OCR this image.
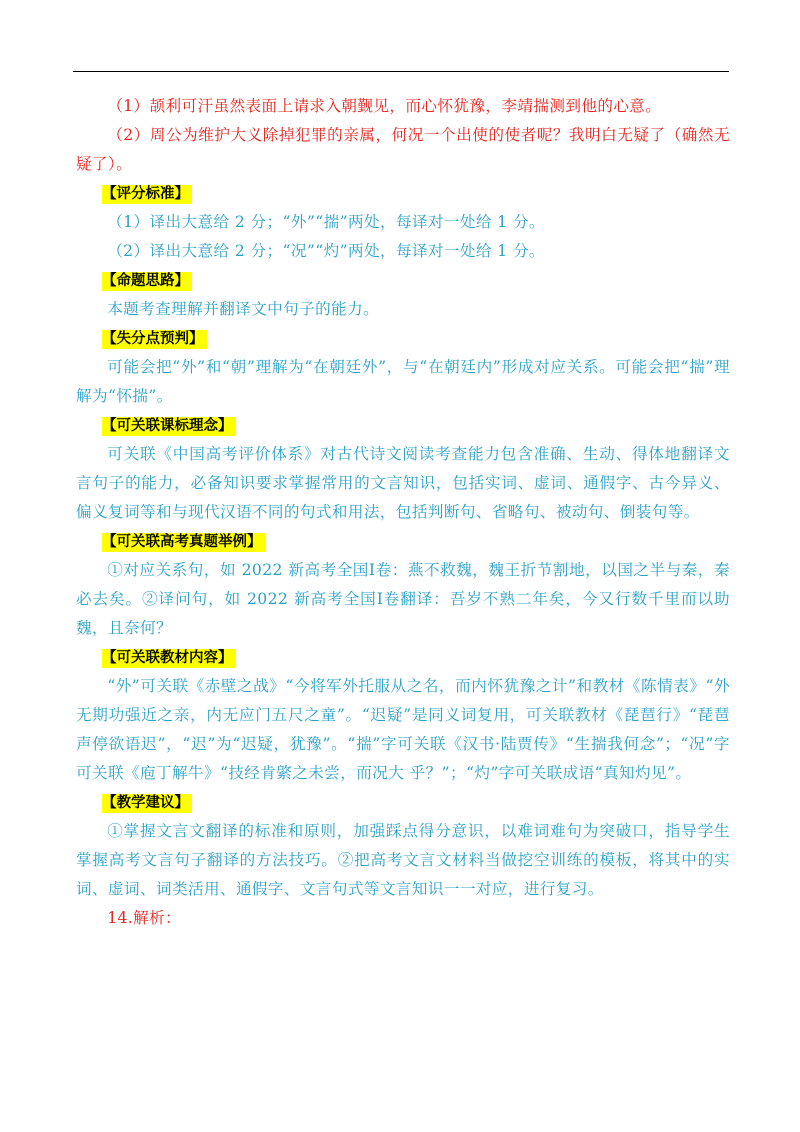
（1）颉利可汗虽然表面上请求入朝觐见，而心怀犹豫，李靖揣测到他的心意。

（2）周公为维护大义除掉犯罪的亲属，何况一个出使的使者呢？我明白无疑了（确然无疑了）。

【评分标准】

（1）译出大意给 2 分；“外”“揣”两处，每译对一处给 1 分。

（2）译出大意给 2 分；“况”“灼”两处，每译对一处给 1 分。

【命题思路】

本题考查理解并翻译文中句子的能力。

【失分点预判】

可能会把“外”和“朝”理解为“在朝廷外”，与“在朝廷内”形成对应关系。可能会把“揣”理解为“怀揣”。

【可关联课标理念】

可关联《中国高考评价体系》对古代诗文阅读考查能力包含准确、生动、得体地翻译文言句子的能力，必备知识要求掌握常用的文言知识，包括实词、虚词、通假字、古今异义、偏义复词等和与现代汉语不同的句式和用法，包括判断句、省略句、被动句、倒装句等。

【可关联高考真题举例】

①对应关系句，如 2022 新高考全国Ⅰ卷：燕不救魏，魏王折节割地，以国之半与秦，秦必去矣。②译问句，如 2022 新高考全国Ⅰ卷翻译：吾岁不熟二年矣，今又行数千里而以助魏，且奈何？

【可关联教材内容】

“外”可关联《赤壁之战》“今将军外托服从之名，而内怀犹豫之计”和教材《陈情表》“外无期功强近之亲，内无应门五尺之童”。“迟疑”是同义词复用，可关联教材《琵琶行》“琵琶声停欲语迟”，“迟”为“迟疑，犹豫”。“揣”字可关联《汉书·陆贾传》“生揣我何念”；“况”字可关联《庖丁解牛》“技经肯綮之未尝，而况大 乎？”；“灼”字可关联成语“真知灼见”。

【教学建议】

①掌握文言文翻译的标准和原则，加强踩点得分意识，以难词难句为突破口，指导学生掌握高考文言句子翻译的方法技巧。②把高考文言文材料当做挖空训练的模板，将其中的实词、虚词、词类活用、通假字、文言句式等文言知识一一对应，进行复习。

14.解析：
